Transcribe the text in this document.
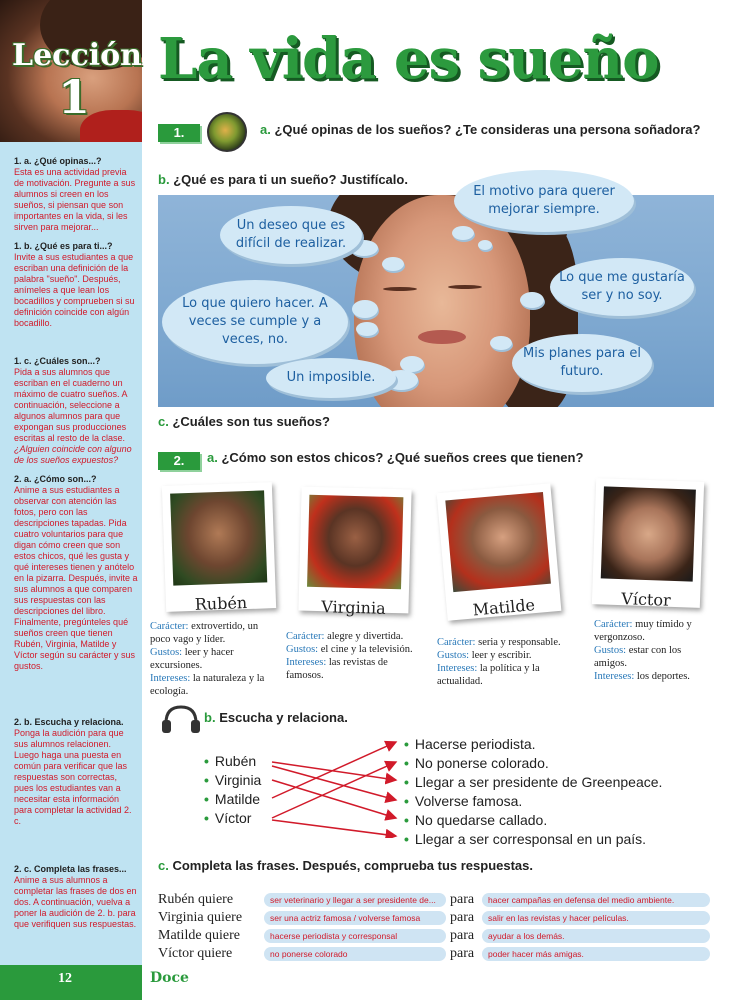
Lección
1
1. a. ¿Qué opinas...?
Esta es una actividad previa de motivación. Pregunte a sus alumnos si creen en los sueños, si piensan que son importantes en la vida, si les sirven para mejorar...
1. b. ¿Qué es para ti...?
Invite a sus estudiantes a que escriban una definición de la palabra "sueño". Después, anímeles a que lean los bocadillos y comprueben si su definición coincide con algún bocadillo.
1. c. ¿Cuáles son...?
Pida a sus alumnos que escriban en el cuaderno un máximo de cuatro sueños. A continuación, seleccione a algunos alumnos para que expongan sus producciones escritas al resto de la clase. ¿Alguien coincide con alguno de los sueños expuestos?
2. a. ¿Cómo son...?
Anime a sus estudiantes a observar con atención las fotos, pero con las descripciones tapadas. Pida cuatro voluntarios para que digan cómo creen que son estos chicos, qué les gusta y qué intereses tienen y anótelo en la pizarra. Después, invite a sus alumnos a que comparen sus respuestas con las descripciones del libro. Finalmente, pregúnteles qué sueños creen que tienen Rubén, Virginia, Matilde y Víctor según su carácter y sus gustos.
2. b. Escucha y relaciona.
Ponga la audición para que sus alumnos relacionen. Luego haga una puesta en común para verificar que las respuestas son correctas, pues los estudiantes van a necesitar esta información para completar la actividad 2. c.
2. c. Completa las frases...
Anime a sus alumnos a completar las frases de dos en dos. A continuación, vuelva a poner la audición de 2. b. para que verifiquen sus respuestas.
12	Doce
La vida es sueño
1.	a. ¿Qué opinas de los sueños? ¿Te consideras una persona soñadora?
b. ¿Qué es para ti un sueño? Justifícalo.
El motivo para querer mejorar siempre.
Un deseo que es difícil de realizar.
Lo que me gustaría ser y no soy.
Lo que quiero hacer. A veces se cumple y a veces, no.
Mis planes para el futuro.
Un imposible.
c. ¿Cuáles son tus sueños?
2.	a. ¿Cómo son estos chicos? ¿Qué sueños crees que tienen?
Rubén	Virginia	Matilde	Víctor
Carácter: extrovertido, un poco vago y líder.
Gustos: leer y hacer excursiones.
Intereses: la naturaleza y la ecología.
Carácter: alegre y divertida.
Gustos: el cine y la televisión.
Intereses: las revistas de famosos.
Carácter: seria y responsable.
Gustos: leer y escribir.
Intereses: la política y la actualidad.
Carácter: muy tímido y vergonzoso.
Gustos: estar con los amigos.
Intereses: los deportes.
b. Escucha y relaciona.
• Rubén
• Virginia
• Matilde
• Víctor
• Hacerse periodista.
• No ponerse colorado.
• Llegar a ser presidente de Greenpeace.
• Volverse famosa.
• No quedarse callado.
• Llegar a ser corresponsal en un país.
c. Completa las frases. Después, comprueba tus respuestas.
Rubén quiere	ser veterinario y llegar a ser presidente de...	para	hacer campañas en defensa del medio ambiente.
Virginia quiere	ser una actriz famosa / volverse famosa	para	salir en las revistas y hacer películas.
Matilde quiere	hacerse periodista y corresponsal	para	ayudar a los demás.
Víctor quiere	no ponerse colorado	para	poder hacer más amigas.
